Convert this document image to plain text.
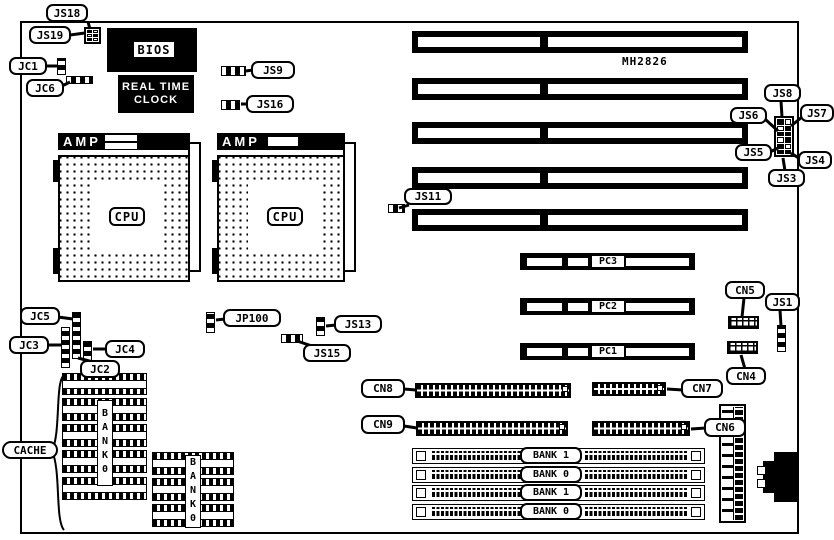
MH2826
BIOS
REAL TIME
CLOCK
AMP
CPU
AMP
CPU
PC3
PC2
PC1
BANK0
BANK0
BANK 1
BANK 0
BANK 1
BANK 0
JS18
JS19
JC1
JC6
JS9
JS16
JS8
JS6	JS7
JS5
JS4
JS3
JS11
CN5
JS1
CN4
JC5
JC3	JC4
JC2
JP100	JS13
JS15
CACHE
CN8	CN7
CN9	CN6
